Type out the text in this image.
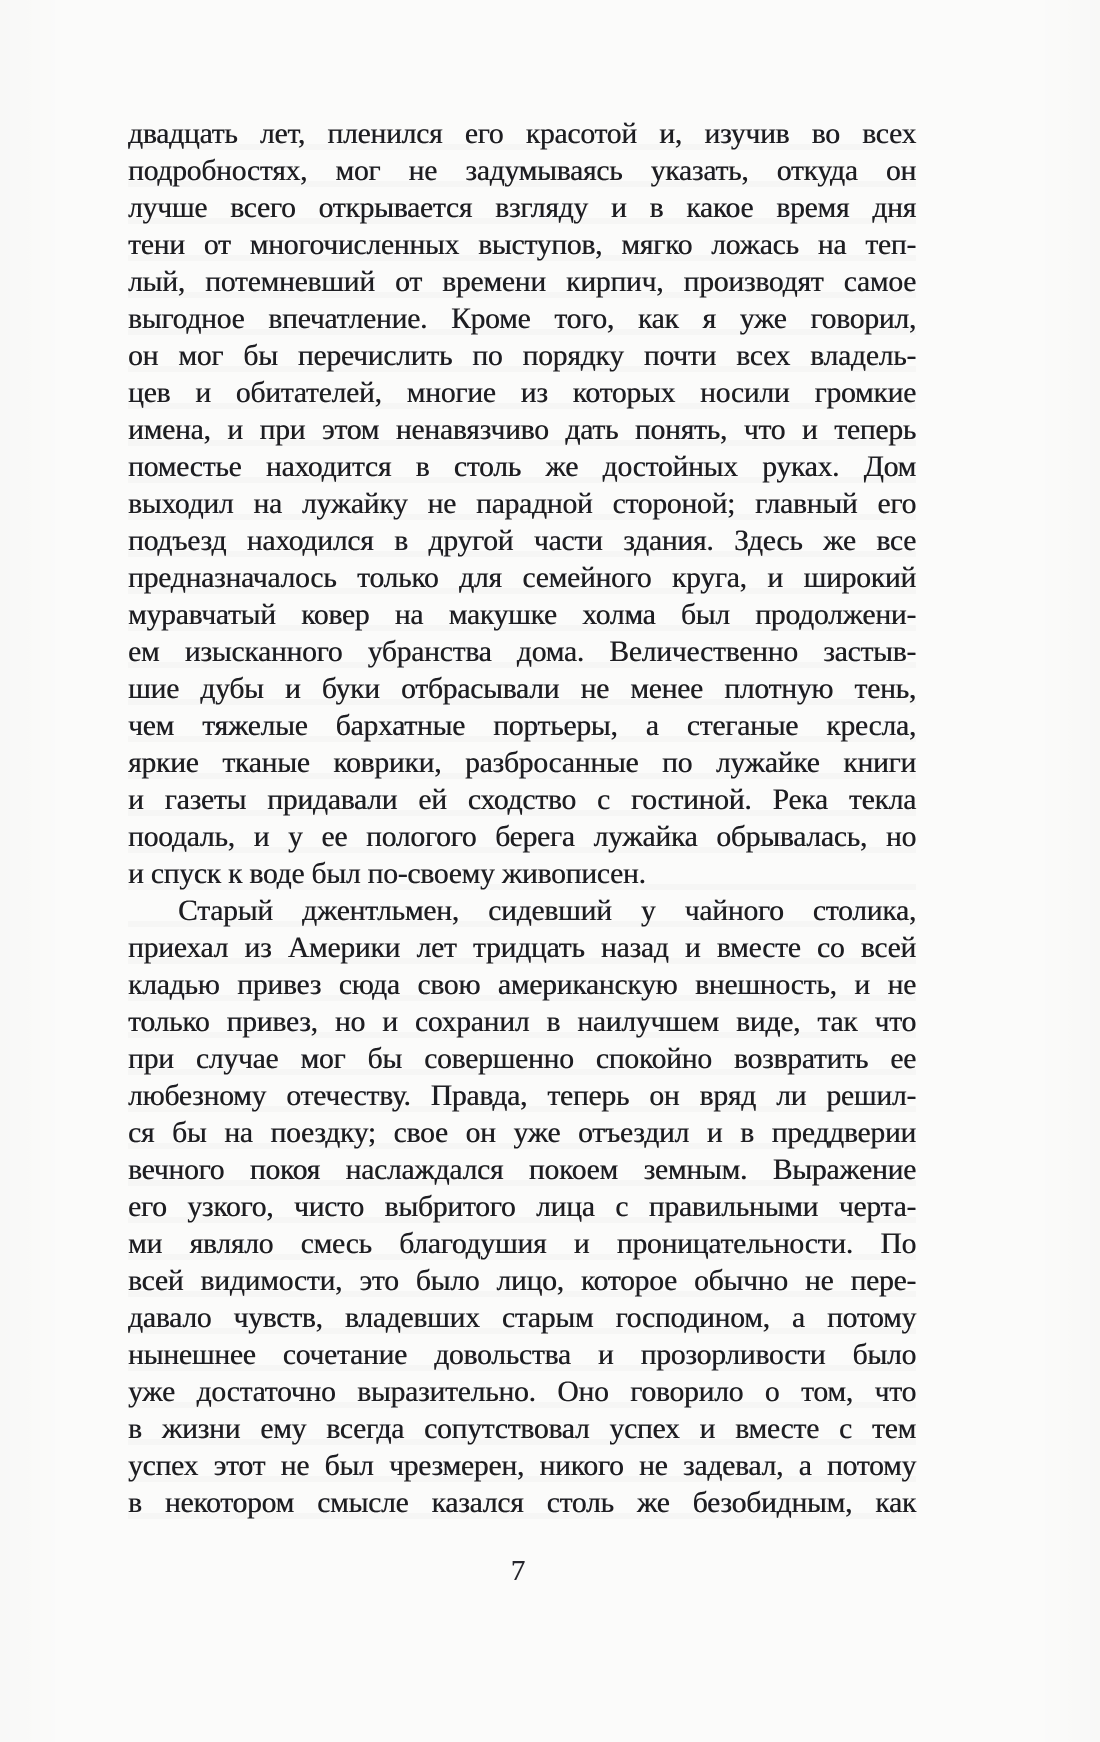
двадцать лет, пленился его красотой и, изучив во всех
подробностях, мог не задумываясь указать, откуда он
лучше всего открывается взгляду и в какое время дня
тени от многочисленных выступов, мягко ложась на теп-
лый, потемневший от времени кирпич, производят самое
выгодное впечатление. Кроме того, как я уже говорил,
он мог бы перечислить по порядку почти всех владель-
цев и обитателей, многие из которых носили громкие
имена, и при этом ненавязчиво дать понять, что и теперь
поместье находится в столь же достойных руках. Дом
выходил на лужайку не парадной стороной; главный его
подъезд находился в другой части здания. Здесь же все
предназначалось только для семейного круга, и широкий
муравчатый ковер на макушке холма был продолжени-
ем изысканного убранства дома. Величественно застыв-
шие дубы и буки отбрасывали не менее плотную тень,
чем тяжелые бархатные портьеры, а стеганые кресла,
яркие тканые коврики, разбросанные по лужайке книги
и газеты придавали ей сходство с гостиной. Река текла
поодаль, и у ее пологого берега лужайка обрывалась, но
и спуск к воде был по-своему живописен.
Старый джентльмен, сидевший у чайного столика,
приехал из Америки лет тридцать назад и вместе со всей
кладью привез сюда свою американскую внешность, и не
только привез, но и сохранил в наилучшем виде, так что
при случае мог бы совершенно спокойно возвратить ее
любезному отечеству. Правда, теперь он вряд ли решил-
ся бы на поездку; свое он уже отъездил и в преддверии
вечного покоя наслаждался покоем земным. Выражение
его узкого, чисто выбритого лица с правильными черта-
ми являло смесь благодушия и проницательности. По
всей видимости, это было лицо, которое обычно не пере-
давало чувств, владевших старым господином, а потому
нынешнее сочетание довольства и прозорливости было
уже достаточно выразительно. Оно говорило о том, что
в жизни ему всегда сопутствовал успех и вместе с тем
успех этот не был чрезмерен, никого не задевал, а потому
в некотором смысле казался столь же безобидным, как
7
